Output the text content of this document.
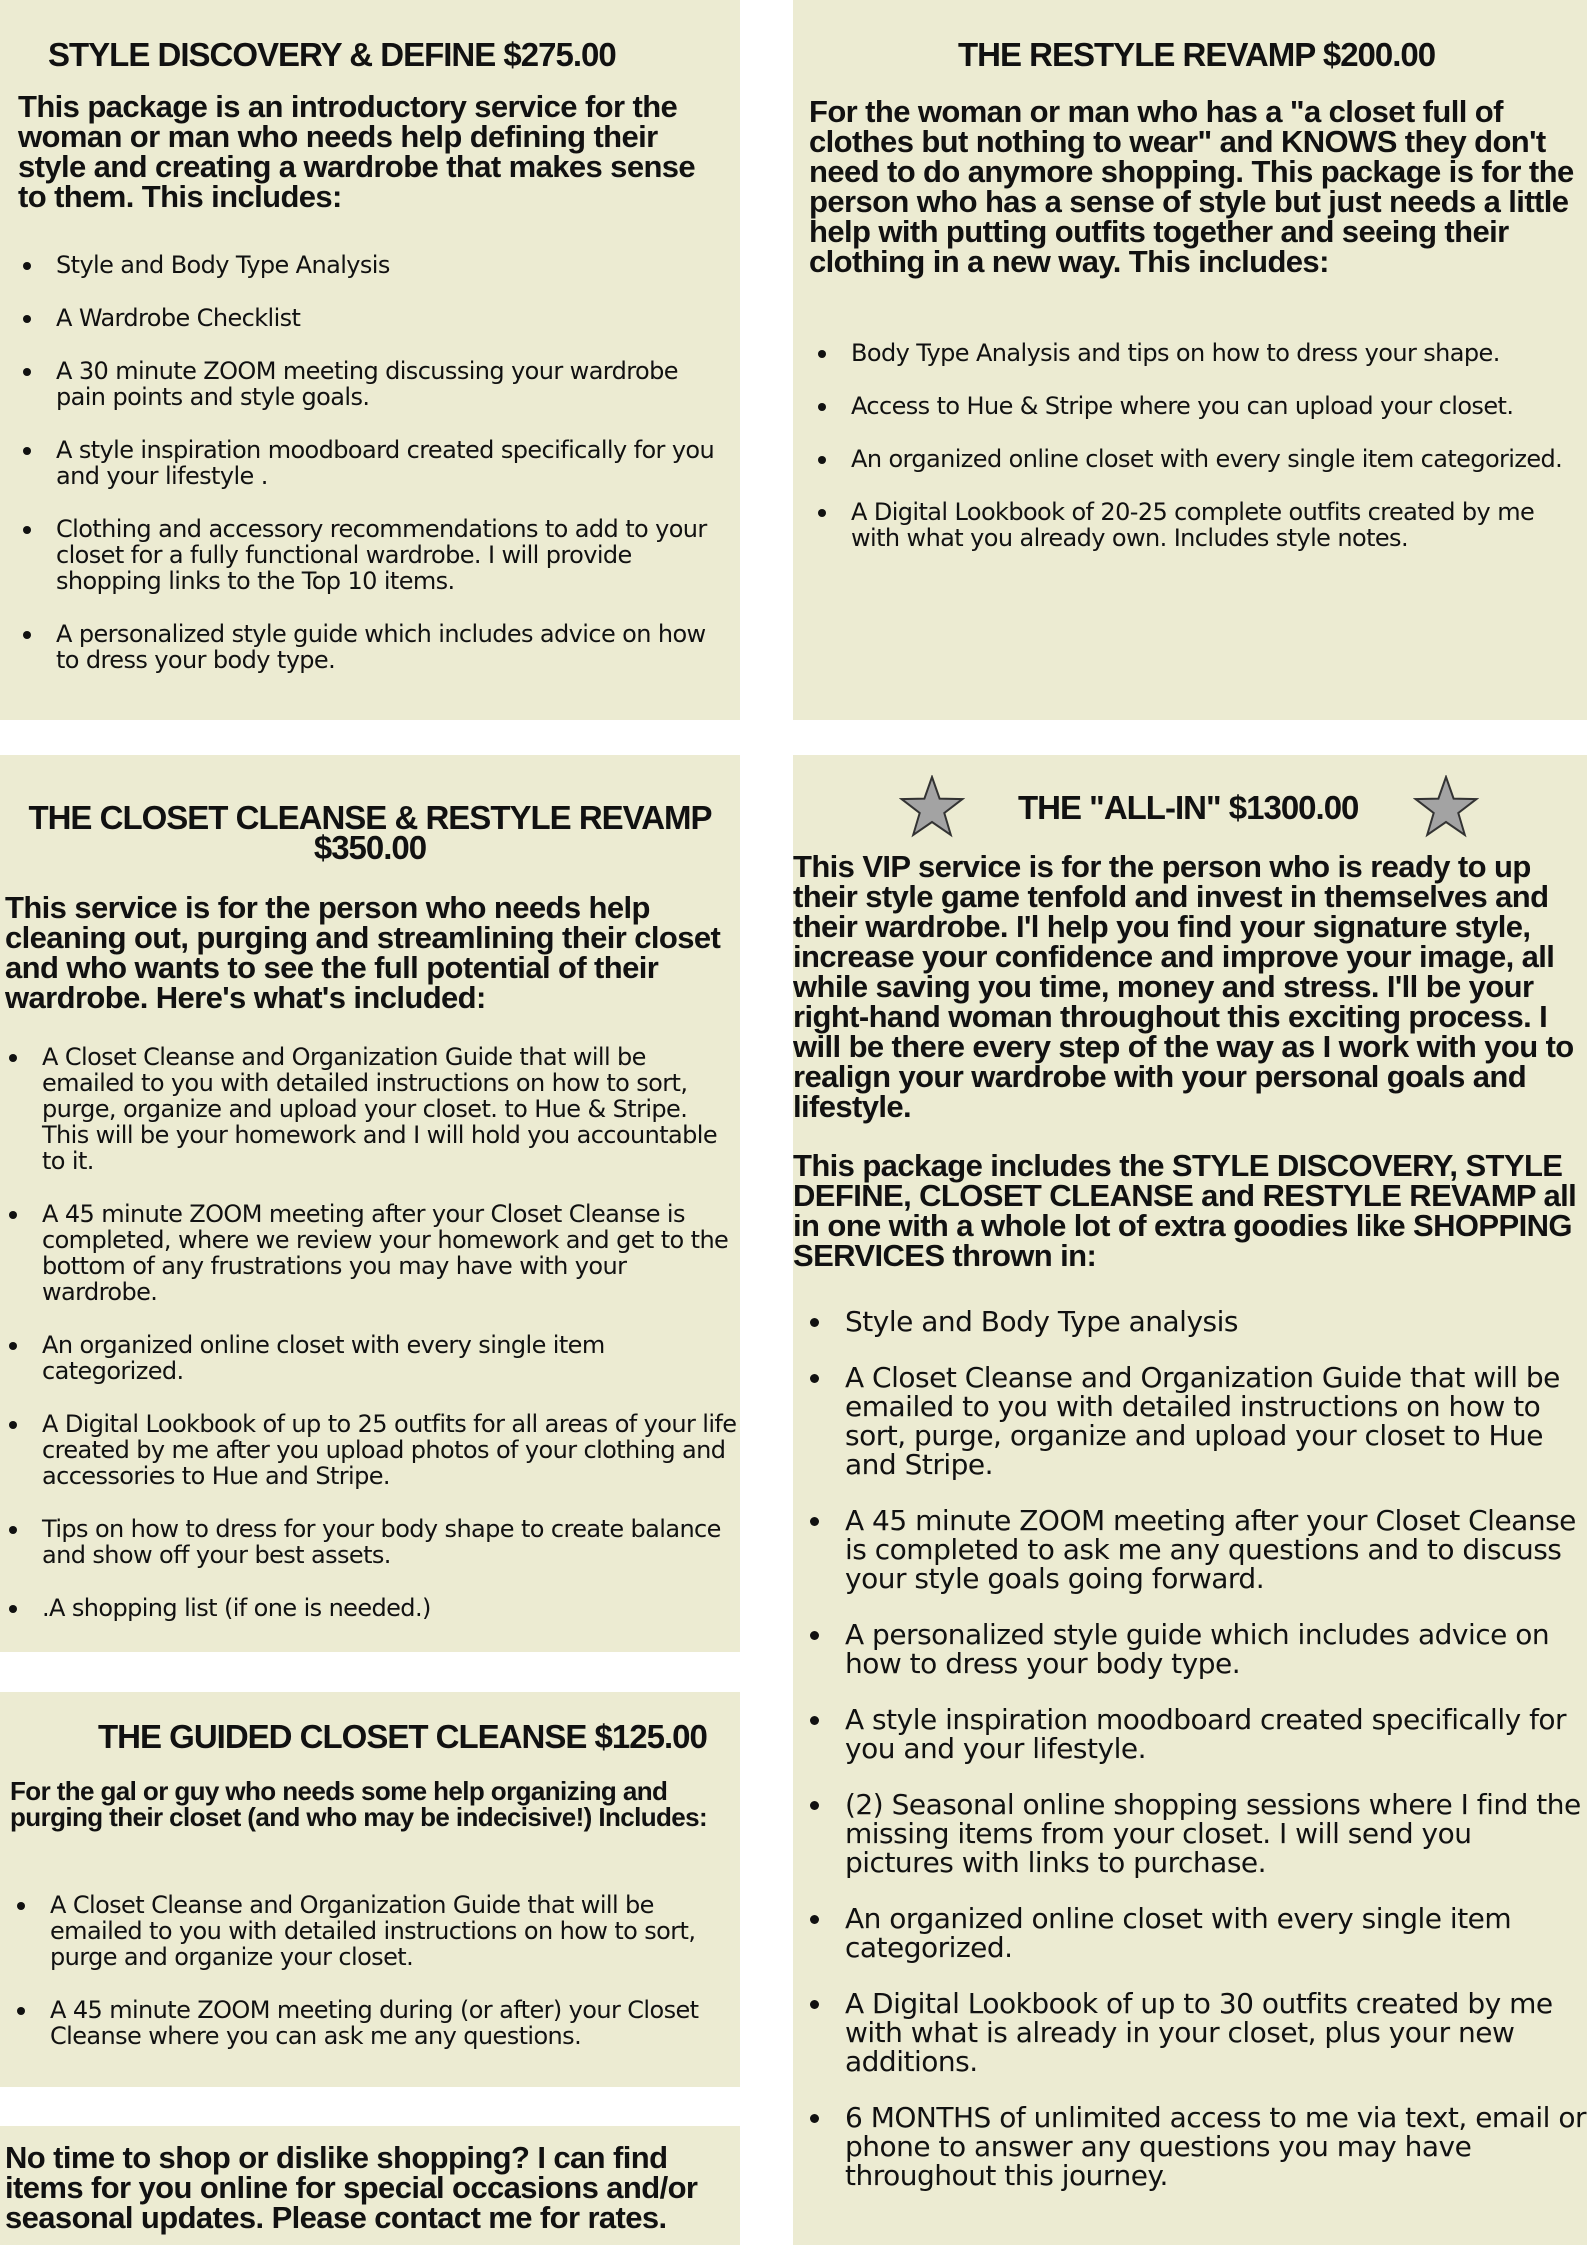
STYLE DISCOVERY & DEFINE $275.00

This package is an introductory service for the woman or man who needs help defining their style and creating a wardrobe that makes sense to them. This includes:

Style and Body Type Analysis
A Wardrobe Checklist
A 30 minute ZOOM meeting discussing your wardrobe pain points and style goals.
A style inspiration moodboard created specifically for you and your lifestyle .
Clothing and accessory recommendations to add to your closet for a fully functional wardrobe. I will provide shopping links to the Top 10 items.
A personalized style guide which includes advice on how to dress your body type.
THE RESTYLE REVAMP $200.00

For the woman or man who has a "a closet full of clothes but nothing to wear" and KNOWS they don't need to do anymore shopping. This package is for the person who has a sense of style but just needs a little help with putting outfits together and seeing their clothing in a new way. This includes:

Body Type Analysis and tips on how to dress your shape.
Access to Hue & Stripe where you can upload your closet.
An organized online closet with every single item categorized.
A Digital Lookbook of 20-25 complete outfits created by me with what you already own. Includes style notes.
THE CLOSET CLEANSE & RESTYLE REVAMP
$350.00

This service is for the person who needs help cleaning out, purging and streamlining their closet and who wants to see the full potential of their wardrobe. Here's what's included:

A Closet Cleanse and Organization Guide that will be emailed to you with detailed instructions on how to sort, purge, organize and upload your closet. to Hue & Stripe. This will be your homework and I will hold you accountable to it.
A 45 minute ZOOM meeting after your Closet Cleanse is completed, where we review your homework and get to the bottom of any frustrations you may have with your wardrobe.
An organized online closet with every single item categorized.
A Digital Lookbook of up to 25 outfits for all areas of your life created by me after you upload photos of your clothing and accessories to Hue and Stripe.
Tips on how to dress for your body shape to create balance and show off your best assets.
.A shopping list (if one is needed.)
THE "ALL-IN" $1300.00

This VIP service is for the person who is ready to up their style game tenfold and invest in themselves and their wardrobe. I'l help you find your signature style, increase your confidence and improve your image, all while saving you time, money and stress. I'll be your right-hand woman throughout this exciting process. I will be there every step of the way as I work with you to realign your wardrobe with your personal goals and lifestyle.

This package includes the STYLE DISCOVERY, STYLE DEFINE, CLOSET CLEANSE and RESTYLE REVAMP all in one with a whole lot of extra goodies like SHOPPING SERVICES thrown in:

Style and Body Type analysis
A Closet Cleanse and Organization Guide that will be emailed to you with detailed instructions on how to sort, purge, organize and upload your closet to Hue and Stripe.
A 45 minute ZOOM meeting after your Closet Cleanse is completed to ask me any questions and to discuss your style goals going forward.
A personalized style guide which includes advice on how to dress your body type.
A style inspiration moodboard created specifically for you and your lifestyle.
(2) Seasonal online shopping sessions where I find the missing items from your closet. I will send you pictures with links to purchase.
An organized online closet with every single item categorized.
A Digital Lookbook of up to 30 outfits created by me with what is already in your closet, plus your new additions.
6 MONTHS of unlimited access to me via text, email or phone to answer any questions you may have throughout this journey.
THE GUIDED CLOSET CLEANSE $125.00

For the gal or guy who needs some help organizing and purging their closet (and who may be indecisive!) Includes:

A Closet Cleanse and Organization Guide that will be emailed to you with detailed instructions on how to sort, purge and organize your closet.
A 45 minute ZOOM meeting during (or after) your Closet Cleanse where you can ask me any questions.

No time to shop or dislike shopping? I can find items for you online for special occasions and/or seasonal updates. Please contact me for rates.
